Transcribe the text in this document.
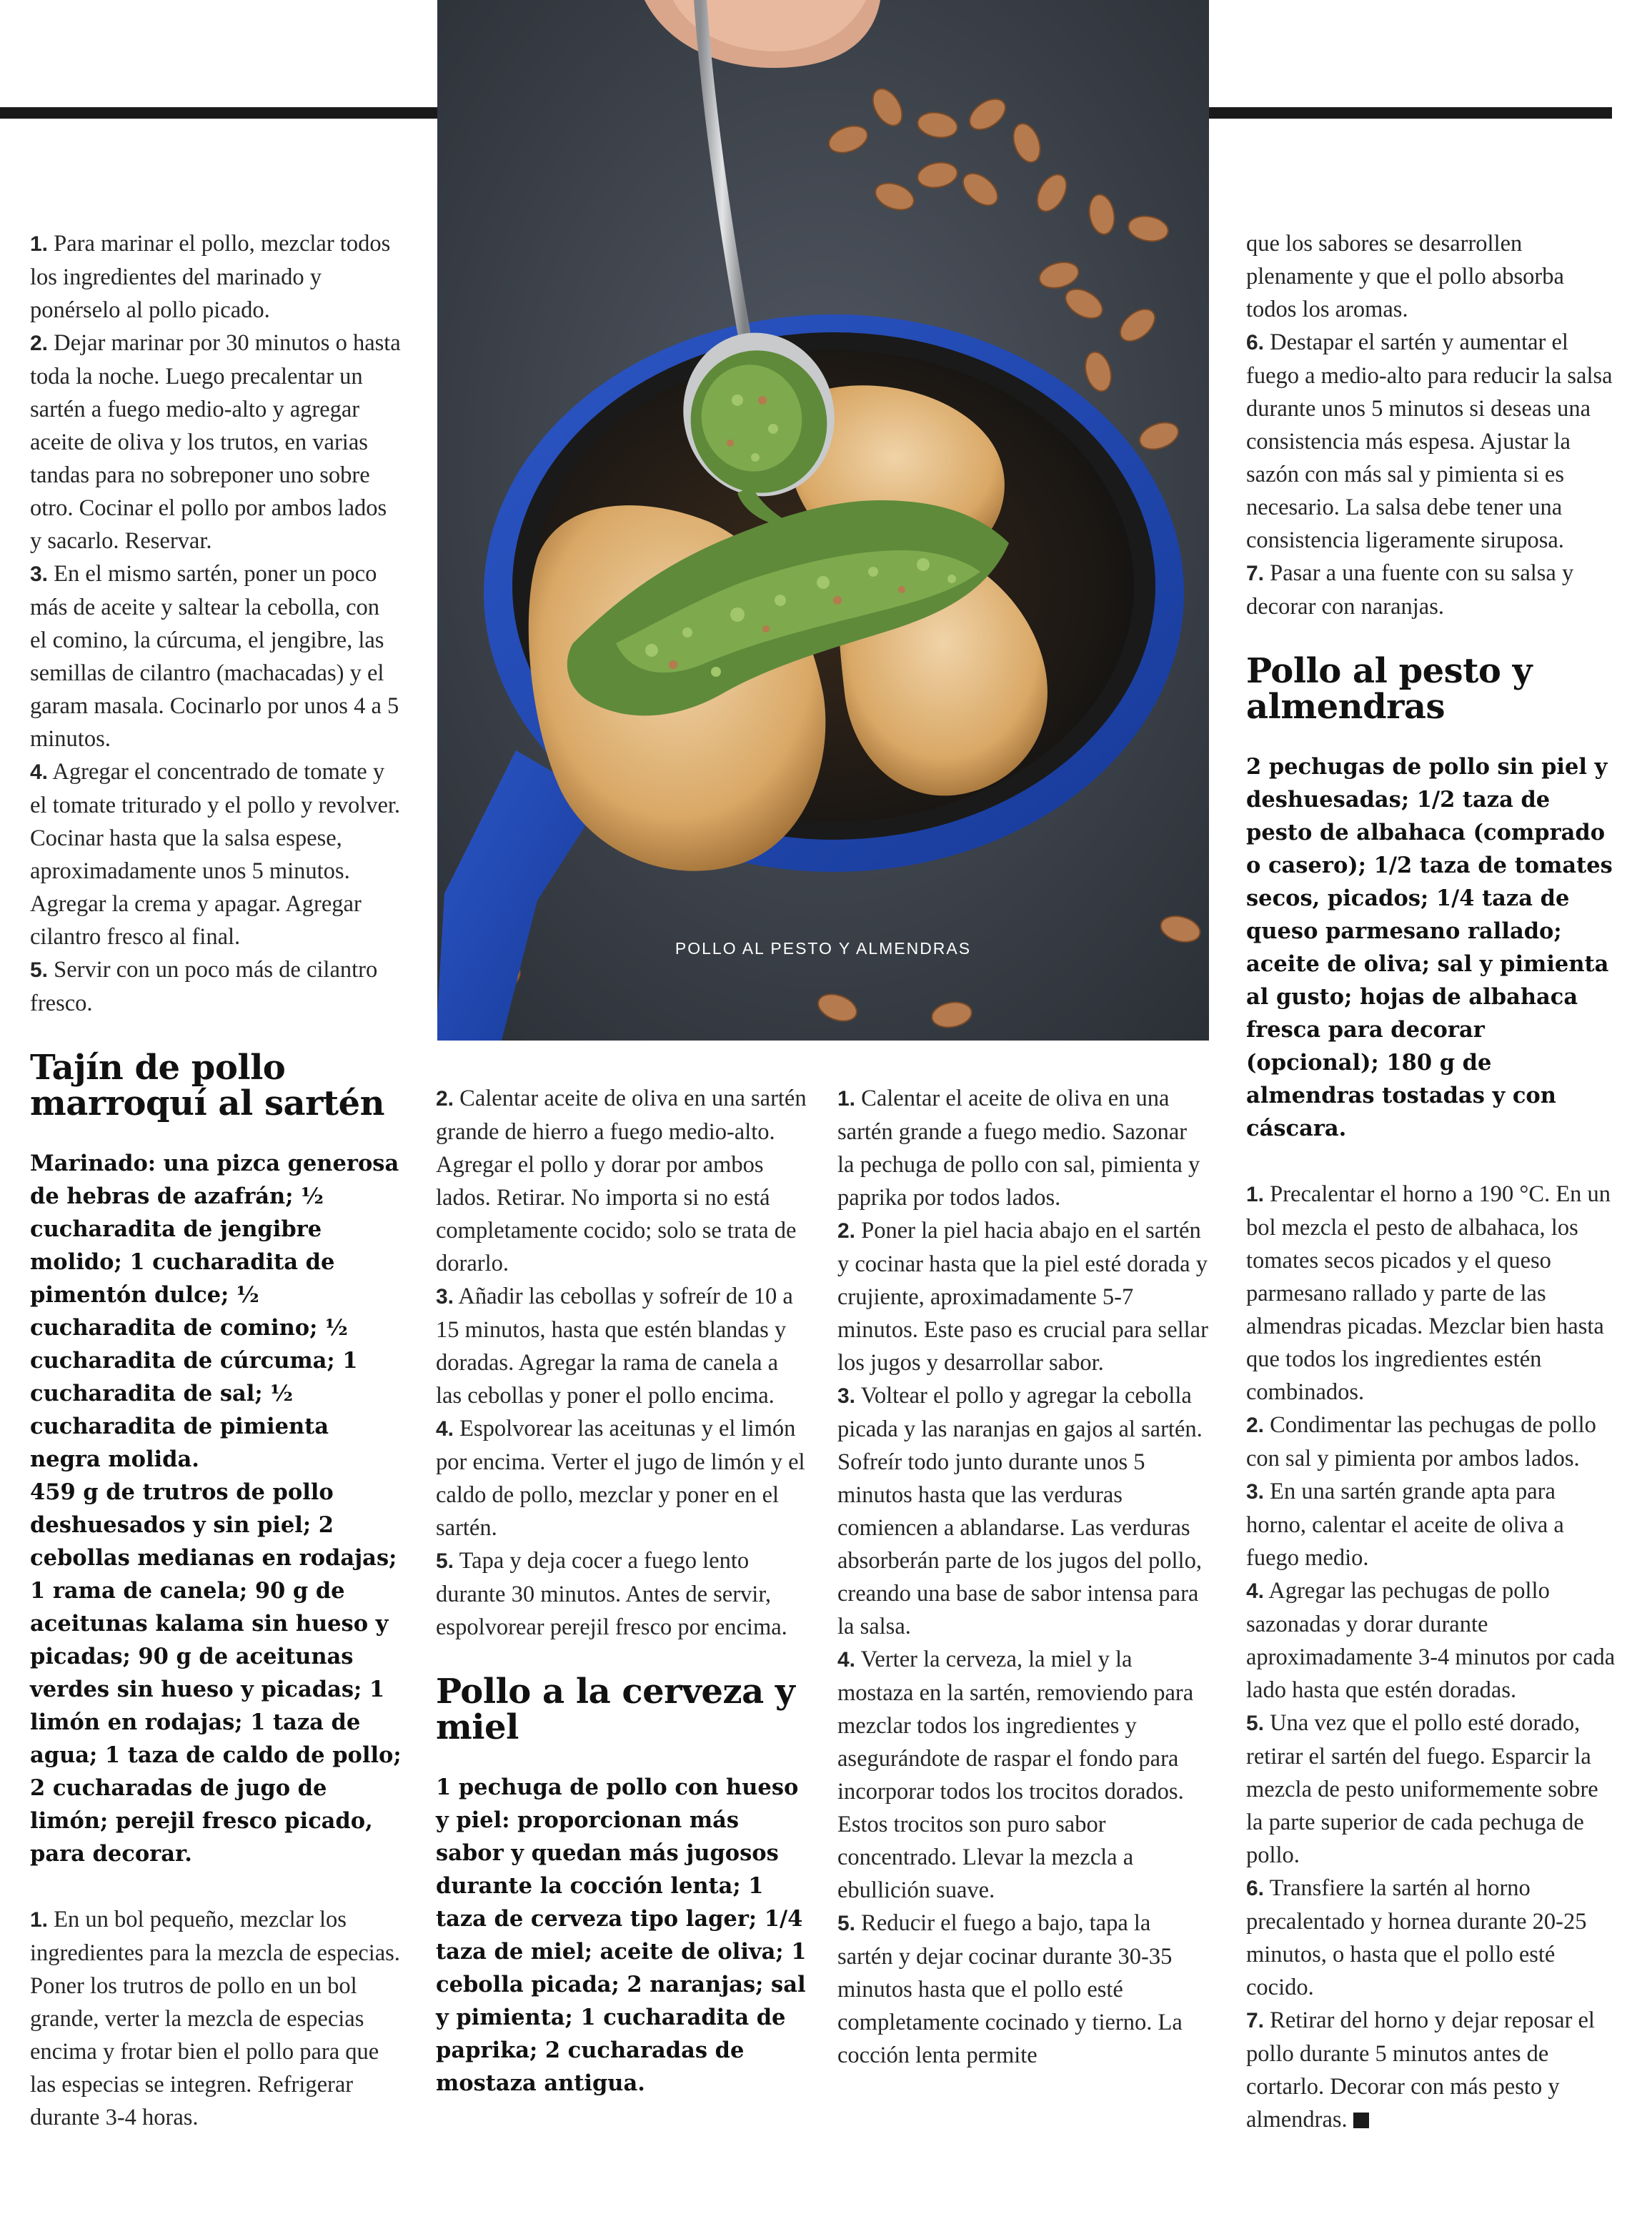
POLLO AL PESTO Y ALMENDRAS

1. Para marinar el pollo, mezclar todos los ingredientes del marinado y ponérselo al pollo picado.

2. Dejar marinar por 30 minutos o hasta toda la noche. Luego precalentar un sartén a fuego medio-alto y agregar aceite de oliva y los trutos, en varias tandas para no sobreponer uno sobre otro. Cocinar el pollo por ambos lados y sacarlo. Reservar.

3. En el mismo sartén, poner un poco más de aceite y saltear la cebolla, con el comino, la cúrcuma, el jengibre, las semillas de cilantro (machacadas) y el garam masala. Cocinarlo por unos 4 a 5 minutos.

4. Agregar el concentrado de tomate y el tomate triturado y el pollo y revolver. Cocinar hasta que la salsa espese, aproximadamente unos 5 minutos. Agregar la crema y apagar. Agregar cilantro fresco al final.

5. Servir con un poco más de cilantro fresco.

Tajín de pollo marroquí al sartén

Marinado: una pizca generosa de hebras de azafrán; ½ cucharadita de jengibre molido; 1 cucharadita de pimentón dulce; ½ cucharadita de comino; ½ cucharadita de cúrcuma; 1 cucharadita de sal; ½ cucharadita de pimienta negra molida.

459 g de trutros de pollo deshuesados y sin piel; 2 cebollas medianas en rodajas; 1 rama de canela; 90 g de aceitunas kalama sin hueso y picadas; 90 g de aceitunas verdes sin hueso y picadas; 1 limón en rodajas; 1 taza de agua; 1 taza de caldo de pollo; 2 cucharadas de jugo de limón; perejil fresco picado, para decorar.

1. En un bol pequeño, mezclar los ingredientes para la mezcla de especias. Poner los trutros de pollo en un bol grande, verter la mezcla de especias encima y frotar bien el pollo para que las especias se integren. Refrigerar durante 3-4 horas.

2. Calentar aceite de oliva en una sartén grande de hierro a fuego medio-alto. Agregar el pollo y dorar por ambos lados. Retirar. No importa si no está completamente cocido; solo se trata de dorarlo.

3. Añadir las cebollas y sofreír de 10 a 15 minutos, hasta que estén blandas y doradas. Agregar la rama de canela a las cebollas y poner el pollo encima.

4. Espolvorear las aceitunas y el limón por encima. Verter el jugo de limón y el caldo de pollo, mezclar y poner en el sartén.

5. Tapa y deja cocer a fuego lento durante 30 minutos. Antes de servir, espolvorear perejil fresco por encima.

Pollo a la cerveza y miel

1 pechuga de pollo con hueso y piel: proporcionan más sabor y quedan más jugosos durante la cocción lenta; 1 taza de cerveza tipo lager; 1/4 taza de miel; aceite de oliva; 1 cebolla picada; 2 naranjas; sal y pimienta; 1 cucharadita de paprika; 2 cucharadas de mostaza antigua.

1. Calentar el aceite de oliva en una sartén grande a fuego medio. Sazonar la pechuga de pollo con sal, pimienta y paprika por todos lados.

2. Poner la piel hacia abajo en el sartén y cocinar hasta que la piel esté dorada y crujiente, aproximadamente 5-7 minutos. Este paso es crucial para sellar los jugos y desarrollar sabor.

3. Voltear el pollo y agregar la cebolla picada y las naranjas en gajos al sartén. Sofreír todo junto durante unos 5 minutos hasta que las verduras comiencen a ablandarse. Las verduras absorberán parte de los jugos del pollo, creando una base de sabor intensa para la salsa.

4. Verter la cerveza, la miel y la mostaza en la sartén, removiendo para mezclar todos los ingredientes y asegurándote de raspar el fondo para incorporar todos los trocitos dorados. Estos trocitos son puro sabor concentrado. Llevar la mezcla a ebullición suave.

5. Reducir el fuego a bajo, tapa la sartén y dejar cocinar durante 30-35 minutos hasta que el pollo esté completamente cocinado y tierno. La cocción lenta permite

que los sabores se desarrollen plenamente y que el pollo absorba todos los aromas.

6. Destapar el sartén y aumentar el fuego a medio-alto para reducir la salsa durante unos 5 minutos si deseas una consistencia más espesa. Ajustar la sazón con más sal y pimienta si es necesario. La salsa debe tener una consistencia ligeramente siruposa.

7. Pasar a una fuente con su salsa y decorar con naranjas.

Pollo al pesto y almendras

2 pechugas de pollo sin piel y deshuesadas; 1/2 taza de pesto de albahaca (comprado o casero); 1/2 taza de tomates secos, picados; 1/4 taza de queso parmesano rallado; aceite de oliva; sal y pimienta al gusto; hojas de albahaca fresca para decorar (opcional); 180 g de almendras tostadas y con cáscara.

1. Precalentar el horno a 190 °C. En un bol mezcla el pesto de albahaca, los tomates secos picados y el queso parmesano rallado y parte de las almendras picadas. Mezclar bien hasta que todos los ingredientes estén combinados.

2. Condimentar las pechugas de pollo con sal y pimienta por ambos lados.

3. En una sartén grande apta para horno, calentar el aceite de oliva a fuego medio.

4. Agregar las pechugas de pollo sazonadas y dorar durante aproximadamente 3-4 minutos por cada lado hasta que estén doradas.

5. Una vez que el pollo esté dorado, retirar el sartén del fuego. Esparcir la mezcla de pesto uniformemente sobre la parte superior de cada pechuga de pollo.

6. Transfiere la sartén al horno precalentado y hornea durante 20-25 minutos, o hasta que el pollo esté cocido.

7. Retirar del horno y dejar reposar el pollo durante 5 minutos antes de cortarlo. Decorar con más pesto y almendras.
